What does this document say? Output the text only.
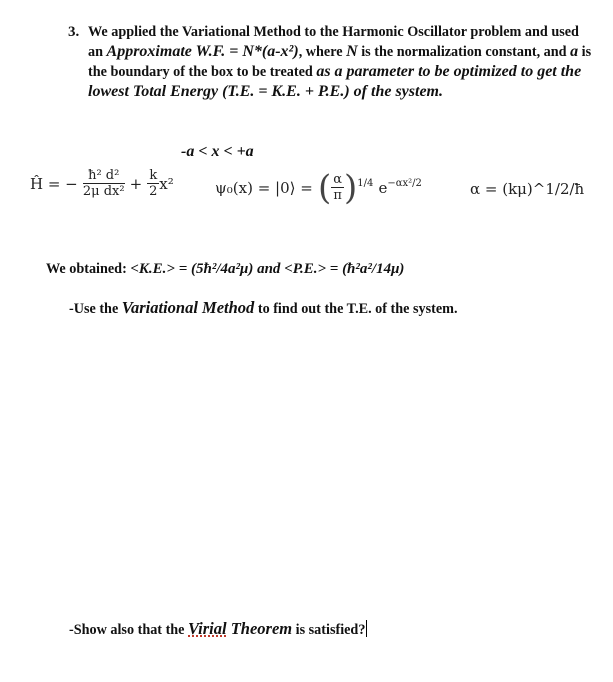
3. We applied the Variational Method to the Harmonic Oscillator problem and used an Approximate W.F. = N*(a-x²), where N is the normalization constant, and a is the boundary of the box to be treated as a parameter to be optimized to get the lowest Total Energy (T.E. = K.E. + P.E.) of the system.
-a < x < +a
Ĥ = − $\frac{\text{ħ² d²}}{\text{2μ dx²}} + \frac{k}{2} x^2$	ψ₀(x) = |0⟩ = ( $\frac{\alpha}{\pi} )^{1/4}$ $e^{-\alpha x^2/2}$	α = (kμ)^1/2/ħ
We obtained: <K.E.> = (5ħ²/4a²μ) and <P.E.> = (ħ²a²/14μ)
-Use the Variational Method to find out the T.E. of the system.
-Show also that the Virial Theorem is satisfied?
